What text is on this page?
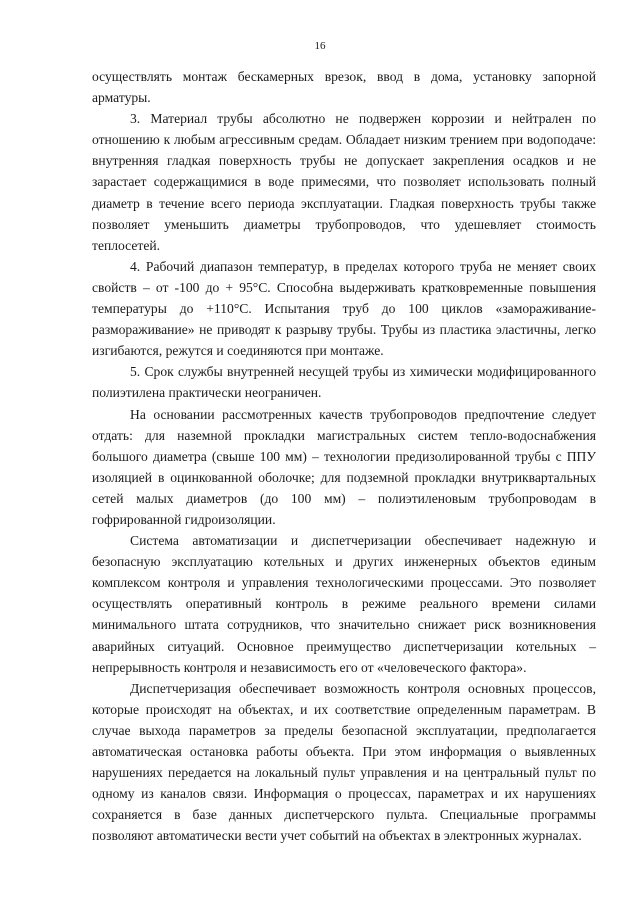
16

осуществлять монтаж бескамерных врезок, ввод в дома, установку запорной арматуры.

3. Материал трубы абсолютно не подвержен коррозии и нейтрален по отношению к любым агрессивным средам. Обладает низким трением при водоподаче: внутренняя гладкая поверхность трубы не допускает закрепления осадков и не зарастает содержащимися в воде примесями, что позволяет использовать полный диаметр в течение всего периода эксплуатации. Гладкая поверхность трубы также позволяет уменьшить диаметры трубопроводов, что удешевляет стоимость теплосетей.

4. Рабочий диапазон температур, в пределах которого труба не меняет своих свойств – от -100 до + 95°С. Способна выдерживать кратковременные повышения температуры до +110°С. Испытания труб до 100 циклов «замораживание-размораживание» не приводят к разрыву трубы. Трубы из пластика эластичны, легко изгибаются, режутся и соединяются при монтаже.

5. Срок службы внутренней несущей трубы из химически модифицированного полиэтилена практически неограничен.

На основании рассмотренных качеств трубопроводов предпочтение следует отдать: для наземной прокладки магистральных систем тепло-водоснабжения большого диаметра (свыше 100 мм) – технологии предизолированной трубы с ППУ изоляцией в оцинкованной оболочке; для подземной прокладки внутриквартальных сетей малых диаметров (до 100 мм) – полиэтиленовым трубопроводам в гофрированной гидроизоляции.

Система автоматизации и диспетчеризации обеспечивает надежную и безопасную эксплуатацию котельных и других инженерных объектов единым комплексом контроля и управления технологическими процессами. Это позволяет осуществлять оперативный контроль в режиме реального времени силами минимального штата сотрудников, что значительно снижает риск возникновения аварийных ситуаций. Основное преимущество диспетчеризации котельных – непрерывность контроля и независимость его от «человеческого фактора».

Диспетчеризация обеспечивает возможность контроля основных процессов, которые происходят на объектах, и их соответствие определенным параметрам. В случае выхода параметров за пределы безопасной эксплуатации, предполагается автоматическая остановка работы объекта. При этом информация о выявленных нарушениях передается на локальный пульт управления и на центральный пульт по одному из каналов связи. Информация о процессах, параметрах и их нарушениях сохраняется в базе данных диспетчерского пульта. Специальные программы позволяют автоматически вести учет событий на объектах в электронных журналах.
